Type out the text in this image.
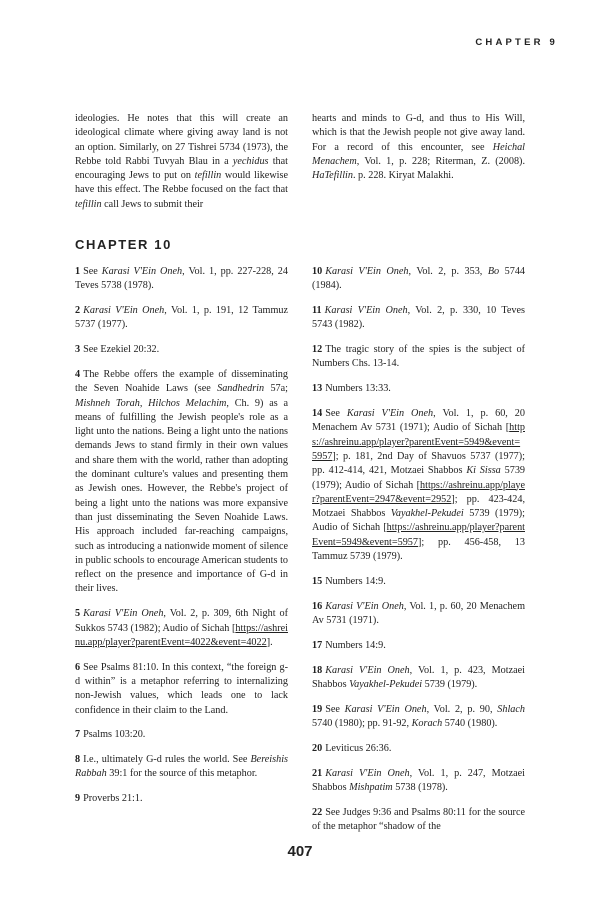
CHAPTER 9
ideologies. He notes that this will create an ideological climate where giving away land is not an option. Similarly, on 27 Tishrei 5734 (1973), the Rebbe told Rabbi Tuvyah Blau in a yechidus that encouraging Jews to put on tefillin would likewise have this effect. The Rebbe focused on the fact that tefillin call Jews to submit their
hearts and minds to G-d, and thus to His Will, which is that the Jewish people not give away land. For a record of this encounter, see Heichal Menachem, Vol. 1, p. 228; Riterman, Z. (2008). HaTefillin. p. 228. Kiryat Malakhi.
CHAPTER 10

1 See Karasi V'Ein Oneh, Vol. 1, pp. 227-228, 24 Teves 5738 (1978).

2 Karasi V'Ein Oneh, Vol. 1, p. 191, 12 Tammuz 5737 (1977).

3 See Ezekiel 20:32.

4 The Rebbe offers the example of disseminating the Seven Noahide Laws (see Sandhedrin 57a; Mishneh Torah, Hilchos Melachim, Ch. 9) as a means of fulfilling the Jewish people's role as a light unto the nations. Being a light unto the nations demands Jews to stand firmly in their own values and share them with the world, rather than adopting the dominant culture's values and presenting them as Jewish ones. However, the Rebbe's project of being a light unto the nations was more expansive than just disseminating the Seven Noahide Laws. His approach included far-reaching campaigns, such as introducing a nationwide moment of silence in public schools to encourage American students to reflect on the presence and importance of G-d in their lives.

5 Karasi V'Ein Oneh, Vol. 2, p. 309, 6th Night of Sukkos 5743 (1982); Audio of Sichah [https://ashreinu.app/player?parentEvent=4022&event=4022].

6 See Psalms 81:10. In this context, “the foreign g-d within” is a metaphor referring to internalizing non-Jewish values, which leads one to lack confidence in their claim to the Land.

7 Psalms 103:20.

8 I.e., ultimately G-d rules the world. See Bereishis Rabbah 39:1 for the source of this metaphor.

9 Proverbs 21:1.

10 Karasi V'Ein Oneh, Vol. 2, p. 353, Bo 5744 (1984).

11 Karasi V'Ein Oneh, Vol. 2, p. 330, 10 Teves 5743 (1982).

12 The tragic story of the spies is the subject of Numbers Chs. 13-14.

13 Numbers 13:33.

14 See Karasi V'Ein Oneh, Vol. 1, p. 60, 20 Menachem Av 5731 (1971); Audio of Sichah [https://ashreinu.app/player?parentEvent=5949&event=5957]; p. 181, 2nd Day of Shavuos 5737 (1977); pp. 412-414, 421, Motzaei Shabbos Ki Sissa 5739 (1979); Audio of Sichah [https://ashreinu.app/player?parentEvent=2947&event=2952]; pp. 423-424, Motzaei Shabbos Vayakhel-Pekudei 5739 (1979); Audio of Sichah [https://ashreinu.app/player?parentEvent=5949&event=5957]; pp. 456-458, 13 Tammuz 5739 (1979).

15 Numbers 14:9.

16 Karasi V'Ein Oneh, Vol. 1, p. 60, 20 Menachem Av 5731 (1971).

17 Numbers 14:9.

18 Karasi V'Ein Oneh, Vol. 1, p. 423, Motzaei Shabbos Vayakhel-Pekudei 5739 (1979).

19 See Karasi V'Ein Oneh, Vol. 2, p. 90, Shlach 5740 (1980); pp. 91-92, Korach 5740 (1980).

20 Leviticus 26:36.

21 Karasi V'Ein Oneh, Vol. 1, p. 247, Motzaei Shabbos Mishpatim 5738 (1978).

22 See Judges 9:36 and Psalms 80:11 for the source of the metaphor “shadow of the

407
